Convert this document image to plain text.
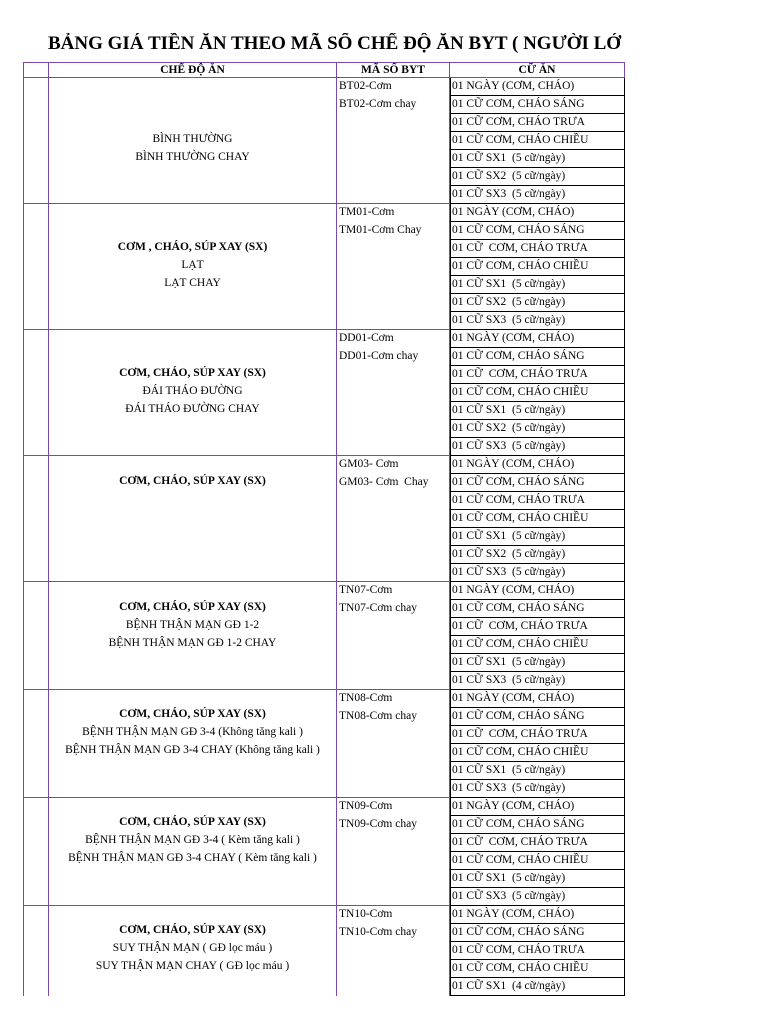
BẢNG GIÁ TIỀN ĂN THEO MÃ SỐ CHẾ ĐỘ ĂN BYT ( NGƯỜI LỚ
CHẾ ĐỘ ĂN	MÃ SỐ BYT	CỮ ĂN
BÌNH THƯỜNG
BÌNH THƯỜNG CHAY
BT02-Cơm
BT02-Cơm chay
01 NGÀY (CƠM, CHÁO)
01 CỮ CƠM, CHÁO SÁNG
01 CỮ CƠM, CHÁO TRƯA
01 CỮ CƠM, CHÁO CHIỀU
01 CỮ SX1  (5 cữ/ngày)
01 CỮ SX2  (5 cữ/ngày)
01 CỮ SX3  (5 cữ/ngày)
CƠM , CHÁO, SÚP XAY (SX)
LẠT
LẠT CHAY
TM01-Cơm
TM01-Cơm Chay
01 NGÀY (CƠM, CHÁO)
01 CỮ CƠM, CHÁO SÁNG
01 CỮ  CƠM, CHÁO TRƯA
01 CỮ CƠM, CHÁO CHIỀU
01 CỮ SX1  (5 cữ/ngày)
01 CỮ SX2  (5 cữ/ngày)
01 CỮ SX3  (5 cữ/ngày)
CƠM, CHÁO, SÚP XAY (SX)
ĐÁI THÁO ĐƯỜNG
ĐÁI THÁO ĐƯỜNG CHAY
DD01-Cơm
DD01-Cơm chay
01 NGÀY (CƠM, CHÁO)
01 CỮ CƠM, CHÁO SÁNG
01 CỮ  CƠM, CHÁO TRƯA
01 CỮ CƠM, CHÁO CHIỀU
01 CỮ SX1  (5 cữ/ngày)
01 CỮ SX2  (5 cữ/ngày)
01 CỮ SX3  (5 cữ/ngày)
CƠM, CHÁO, SÚP XAY (SX)
GM03- Cơm
GM03- Cơm  Chay
01 NGÀY (CƠM, CHÁO)
01 CỮ CƠM, CHÁO SÁNG
01 CỮ CƠM, CHÁO TRƯA
01 CỮ CƠM, CHÁO CHIỀU
01 CỮ SX1  (5 cữ/ngày)
01 CỮ SX2  (5 cữ/ngày)
01 CỮ SX3  (5 cữ/ngày)
CƠM, CHÁO, SÚP XAY (SX)
BỆNH THẬN MẠN GĐ 1-2
BỆNH THẬN MẠN GĐ 1-2 CHAY
TN07-Cơm
TN07-Cơm chay
01 NGÀY (CƠM, CHÁO)
01 CỮ CƠM, CHÁO SÁNG
01 CỮ  CƠM, CHÁO TRƯA
01 CỮ CƠM, CHÁO CHIỀU
01 CỮ SX1  (5 cữ/ngày)
01 CỮ SX3  (5 cữ/ngày)
CƠM, CHÁO, SÚP XAY (SX)
BỆNH THẬN MẠN GĐ 3-4 (Không tăng kali )
BỆNH THẬN MẠN GĐ 3-4 CHAY (Không tăng kali )
TN08-Cơm
TN08-Cơm chay
01 NGÀY (CƠM, CHÁO)
01 CỮ CƠM, CHÁO SÁNG
01 CỮ  CƠM, CHÁO TRƯA
01 CỮ CƠM, CHÁO CHIỀU
01 CỮ SX1  (5 cữ/ngày)
01 CỮ SX3  (5 cữ/ngày)
CƠM, CHÁO, SÚP XAY (SX)
BỆNH THẬN MẠN GĐ 3-4 ( Kèm tăng kali )
BỆNH THẬN MẠN GĐ 3-4 CHAY ( Kèm tăng kali )
TN09-Cơm
TN09-Cơm chay
01 NGÀY (CƠM, CHÁO)
01 CỮ CƠM, CHÁO SÁNG
01 CỮ  CƠM, CHÁO TRƯA
01 CỮ CƠM, CHÁO CHIỀU
01 CỮ SX1  (5 cữ/ngày)
01 CỮ SX3  (5 cữ/ngày)
CƠM, CHÁO, SÚP XAY (SX)
SUY THẬN MẠN ( GĐ lọc máu )
SUY THẬN MẠN CHAY ( GĐ lọc máu )
TN10-Cơm
TN10-Cơm chay
01 NGÀY (CƠM, CHÁO)
01 CỮ CƠM, CHÁO SÁNG
01 CỮ CƠM, CHÁO TRƯA
01 CỮ CƠM, CHÁO CHIỀU
01 CỮ SX1  (4 cữ/ngày)
